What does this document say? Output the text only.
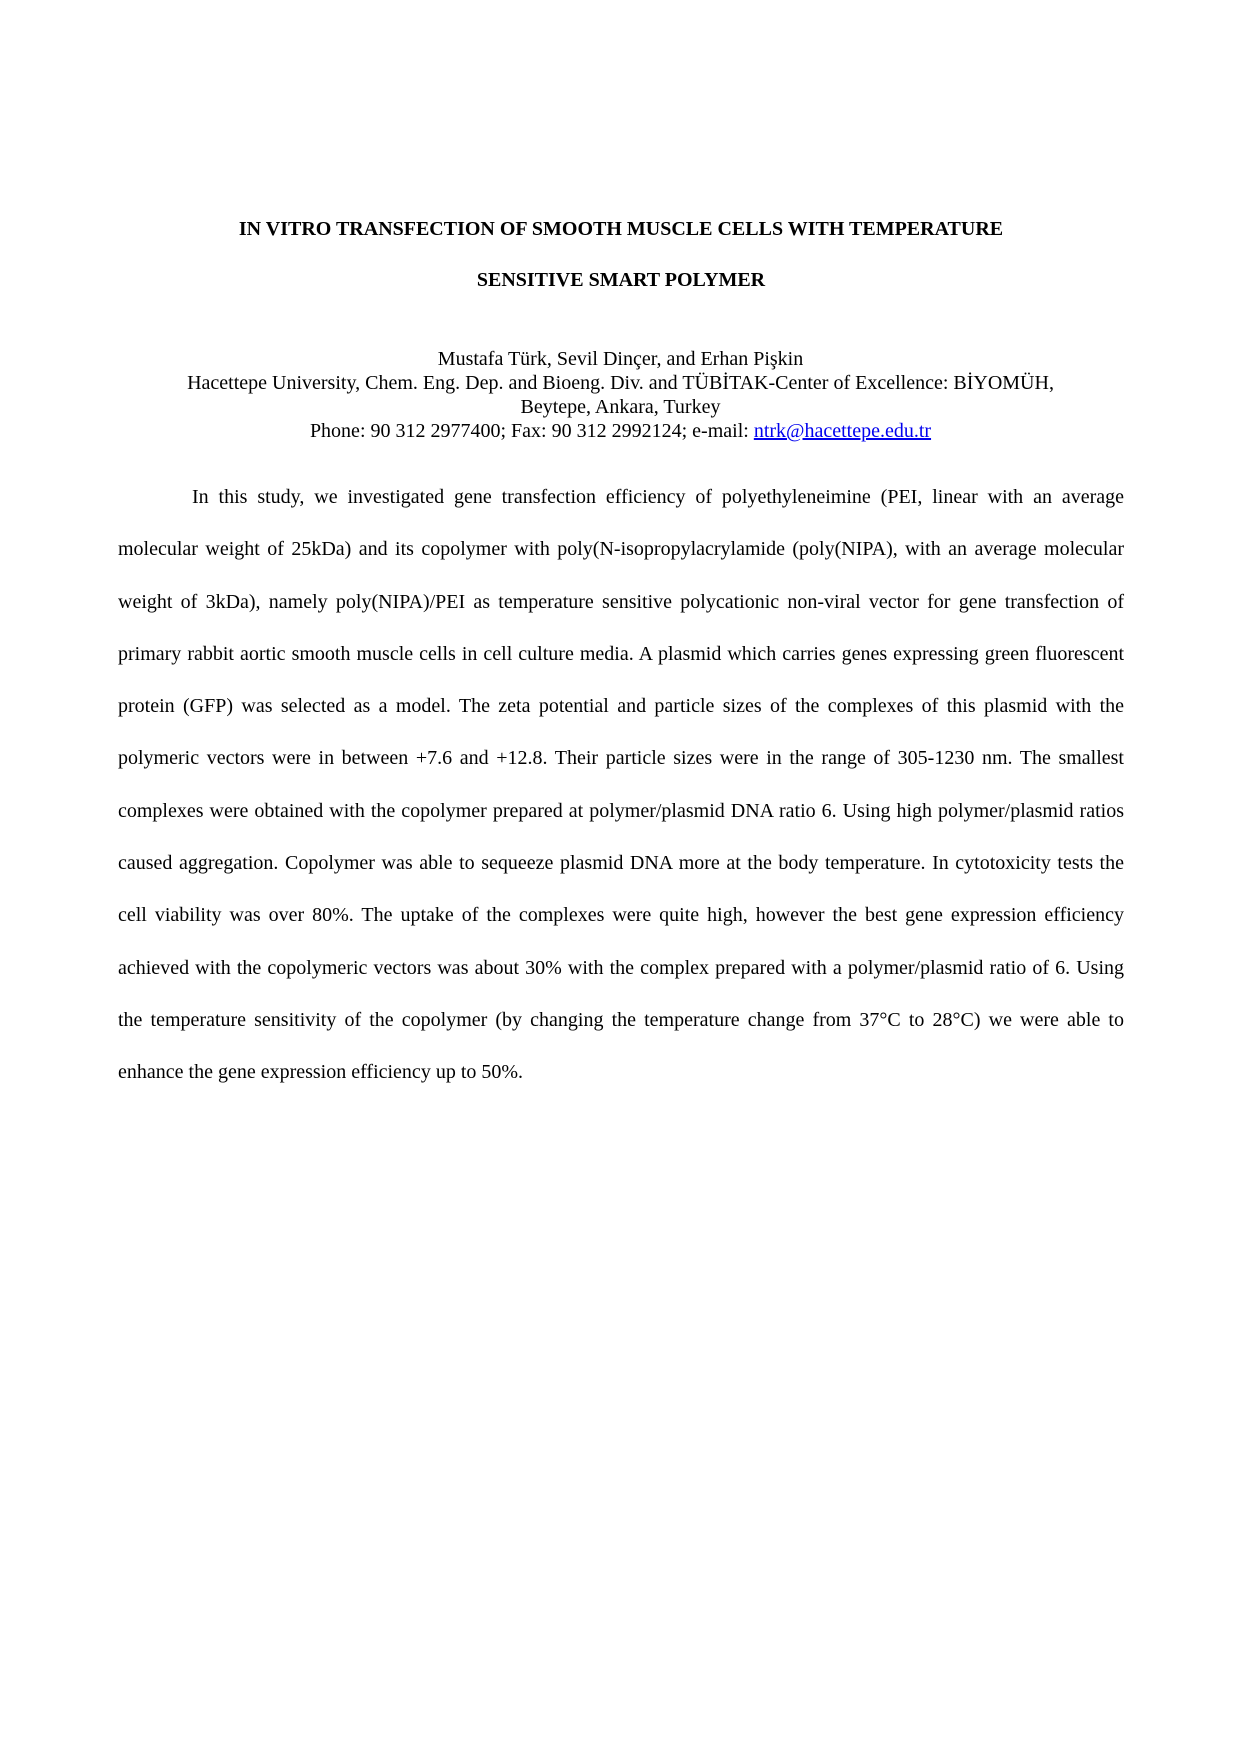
IN VITRO TRANSFECTION OF SMOOTH MUSCLE CELLS WITH TEMPERATURE
SENSITIVE SMART POLYMER
Mustafa Türk, Sevil Dinçer, and Erhan Pişkin
Hacettepe University, Chem. Eng. Dep. and Bioeng. Div. and TÜBİTAK-Center of Excellence: BİYOMÜH,
Beytepe, Ankara, Turkey
Phone: 90 312 2977400; Fax: 90 312 2992124; e-mail: ntrk@hacettepe.edu.tr

In this study, we investigated gene transfection efficiency of polyethyleneimine (PEI, linear with an average molecular weight of 25kDa) and its copolymer with poly(N-isopropylacrylamide (poly(NIPA), with an average molecular weight of 3kDa), namely poly(NIPA)/PEI as temperature sensitive polycationic non-viral vector for gene transfection of primary rabbit aortic smooth muscle cells in cell culture media. A plasmid which carries genes expressing green fluorescent protein (GFP) was selected as a model. The zeta potential and particle sizes of the complexes of this plasmid with the polymeric vectors were in between +7.6 and +12.8. Their particle sizes were in the range of 305-1230 nm. The smallest complexes were obtained with the copolymer prepared at polymer/plasmid DNA ratio 6. Using high polymer/plasmid ratios caused aggregation. Copolymer was able to sequeeze plasmid DNA more at the body temperature. In cytotoxicity tests the cell viability was over 80%. The uptake of the complexes were quite high, however the best gene expression efficiency achieved with the copolymeric vectors was about 30% with the complex prepared with a polymer/plasmid ratio of 6. Using the temperature sensitivity of the copolymer (by changing the temperature change from 37°C to 28°C) we were able to enhance the gene expression efficiency up to 50%.
